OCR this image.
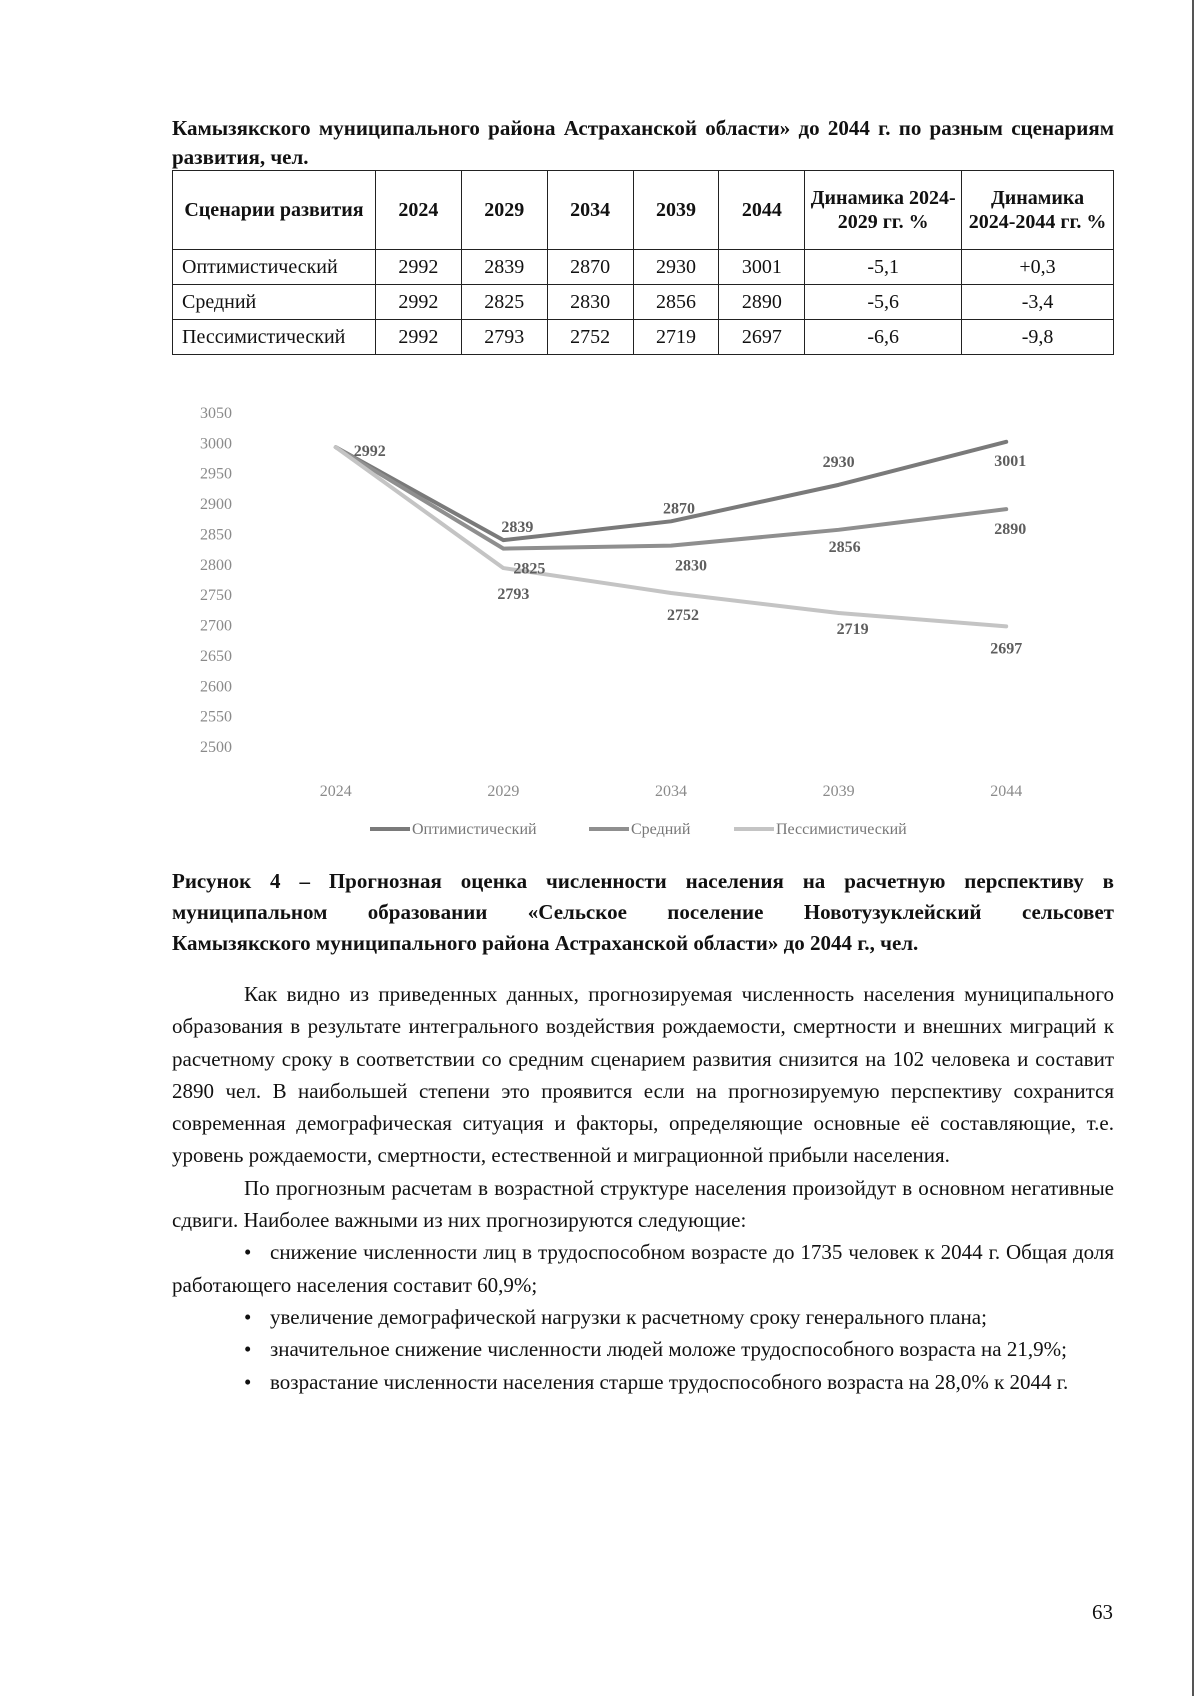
Камызякского муниципального района Астраханской области» до 2044 г. по разным сценариям развития, чел.
Сценарии развития	2024	2029	2034	2039	2044	Динамика 2024-2029 гг. %	Динамика 2024-2044 гг. %
Оптимистический	2992	2839	2870	2930	3001	-5,1	+0,3
Средний	2992	2825	2830	2856	2890	-5,6	-3,4
Пессимистический	2992	2793	2752	2719	2697	-6,6	-9,8
2500
2550
2600
2650
2700
2750
2800
2850
2900
2950
3000
3050
2024	2029	2034	2039	2044
2992
2839
2870
2930	3001
2825	2830
2856
2890
2793
2752
2719
2697
Оптимистический	Средний	Пессимистический
Рисунок 4 – Прогнозная оценка численности населения на расчетную перспективу в
муниципальном образовании «Сельское поселение Новотузуклейский сельсовет
Камызякского муниципального района Астраханской области» до 2044 г., чел.

Как видно из приведенных данных, прогнозируемая численность населения муниципального образования в результате интегрального воздействия рождаемости, смертности и внешних миграций к расчетному сроку в соответствии со средним сценарием развития снизится на 102 человека и составит 2890 чел. В наибольшей степени это проявится если на прогнозируемую перспективу сохранится современная демографическая ситуация и факторы, определяющие основные её составляющие, т.е. уровень рождаемости, смертности, естественной и миграционной прибыли населения.

По прогнозным расчетам в возрастной структуре населения произойдут в основном негативные сдвиги. Наиболее важными из них прогнозируются следующие:

• снижение численности лиц в трудоспособном возрасте до 1735 человек к 2044 г. Общая доля работающего населения составит 60,9%;

• увеличение демографической нагрузки к расчетному сроку генерального плана;

• значительное снижение численности людей моложе трудоспособного возраста на 21,9%;

• возрастание численности населения старше трудоспособного возраста на 28,0% к 2044 г.

63
